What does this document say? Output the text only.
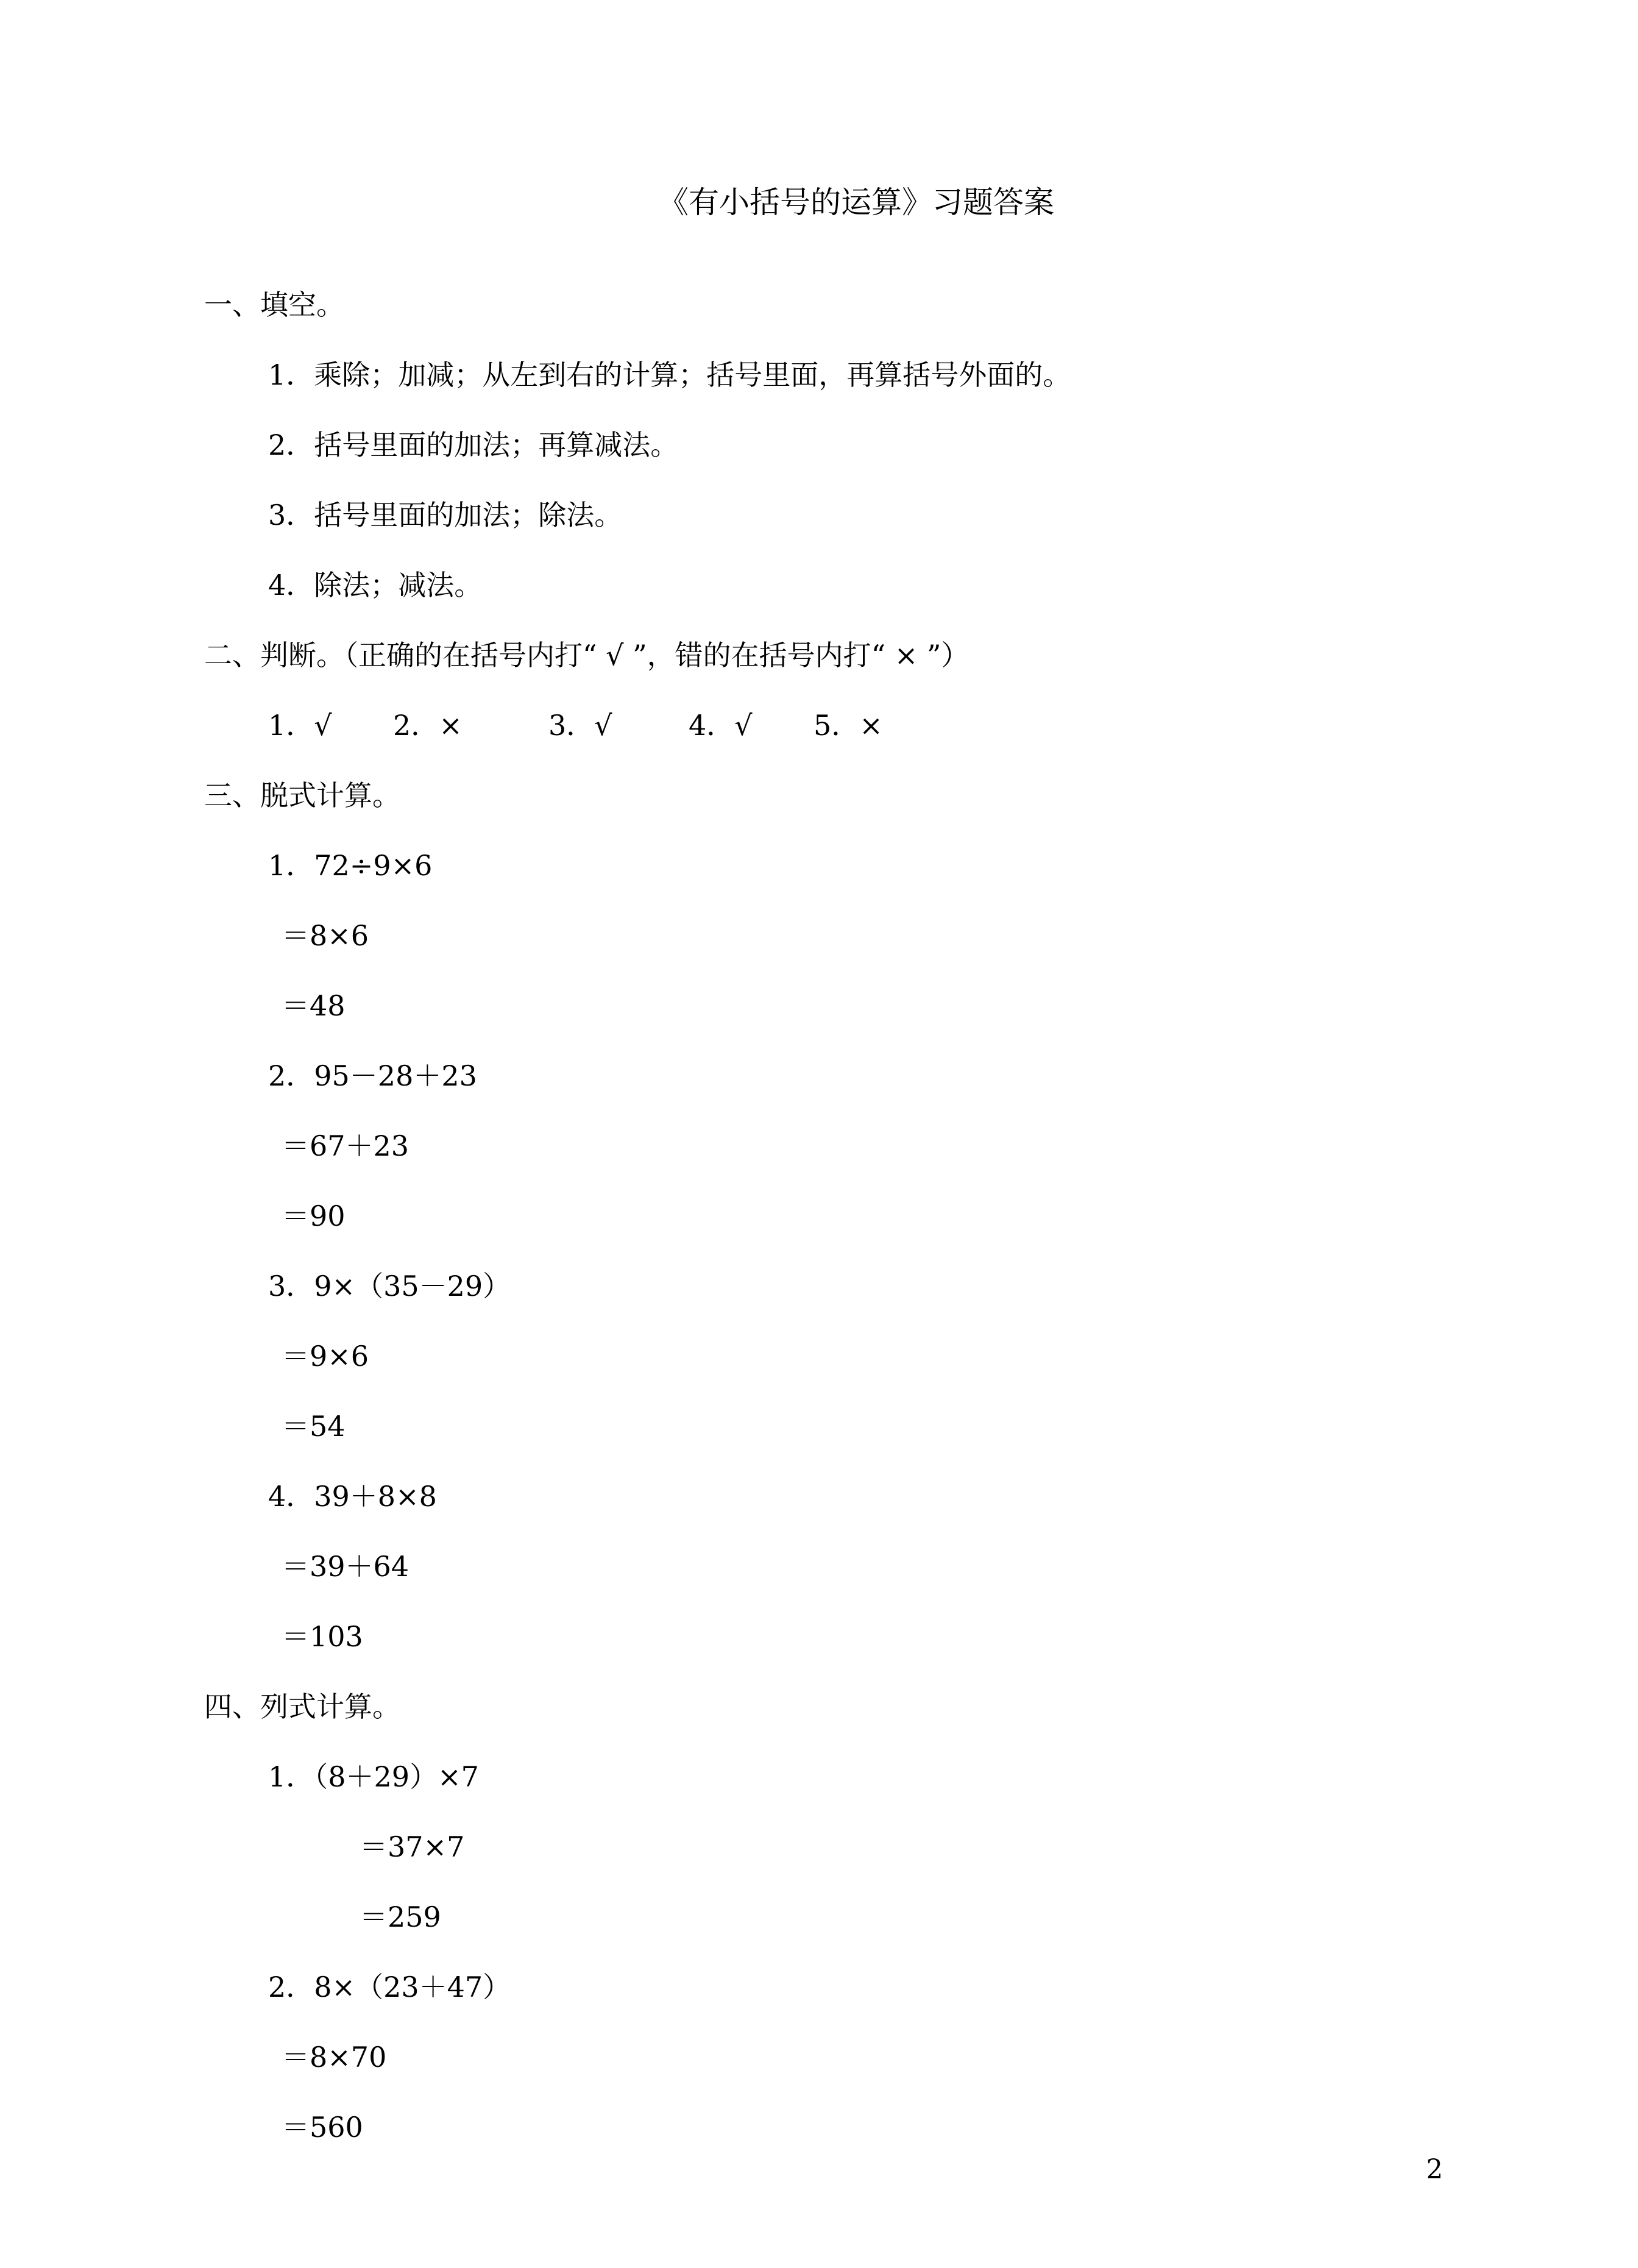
《有小括号的运算》习题答案
一、填空。
1．乘除；加减；从左到右的计算；括号里面，再算括号外面的。
2．括号里面的加法；再算减法。
3．括号里面的加法；除法。
4．除法；减法。
二、判断。（正确的在括号内打“ √ ”，错的在括号内打“ × ”）
1．√ 2．×	3．√	4．√ 5．×
三、脱式计算。
1．72÷9×6
＝8×6
＝48
2．95－28＋23
＝67＋23
＝90
3．9×（35－29）
＝9×6
＝54
4．39＋8×8
＝39＋64
＝103
四、列式计算。
1．（8＋29）×7
＝37×7
＝259
2．8×（23＋47）
＝8×70
＝560
2
